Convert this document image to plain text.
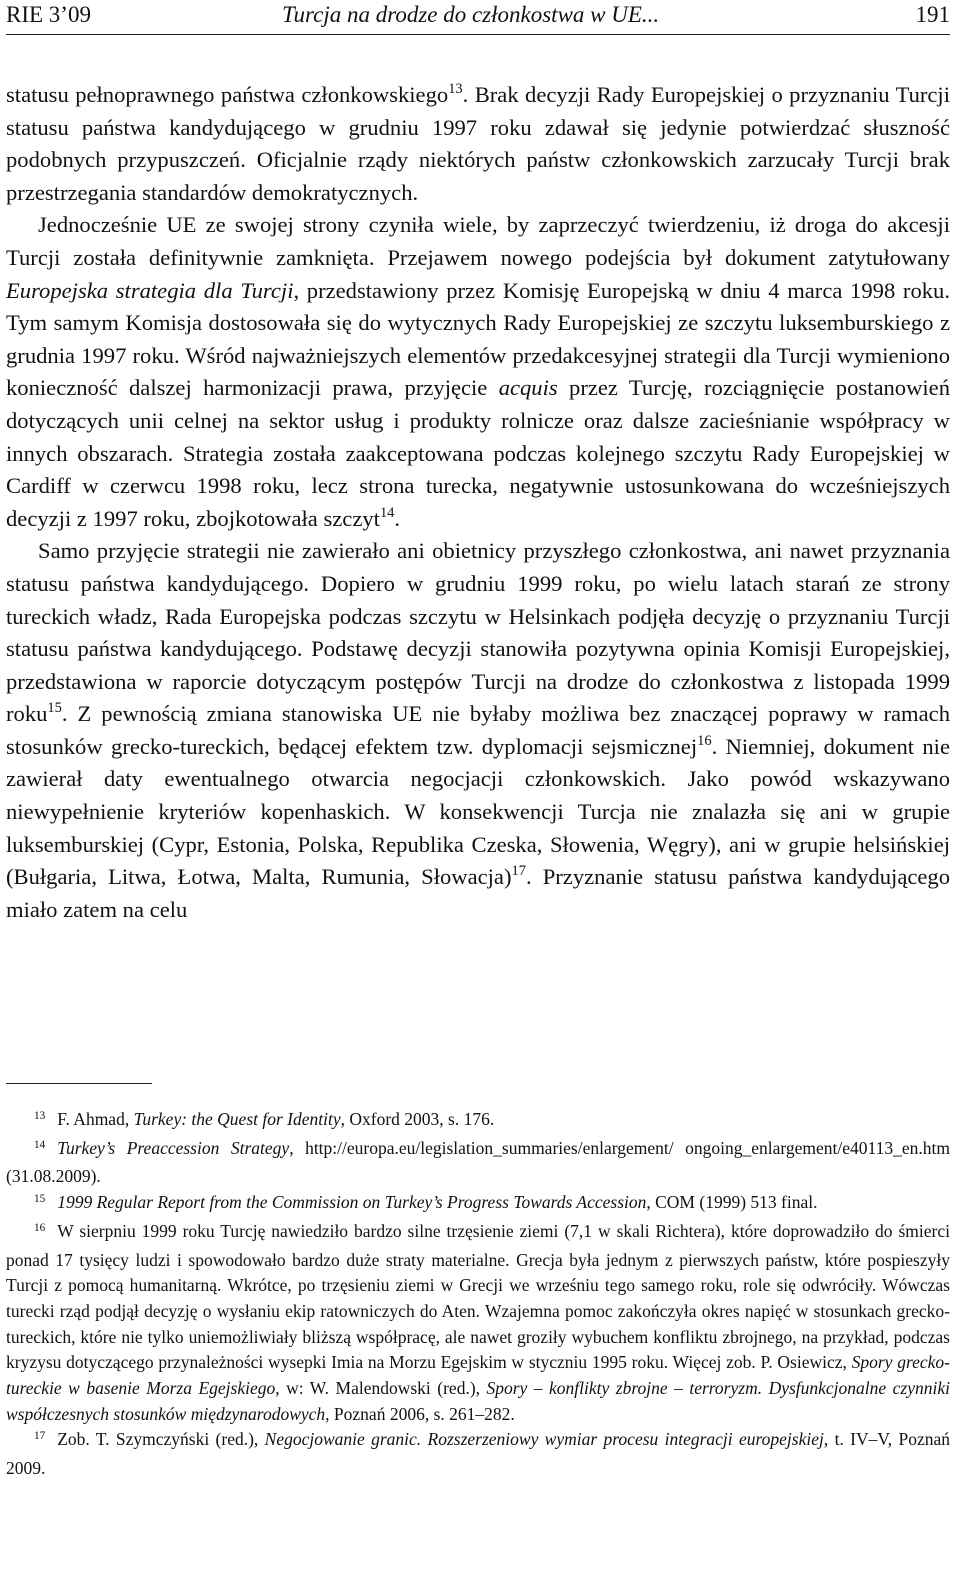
RIE 3’09	Turcja na drodze do członkostwa w UE...	191

statusu pełnoprawnego państwa członkowskiego$^{13}$. Brak decyzji Rady Europejskiej o przyznaniu Turcji statusu państwa kandydującego w grudniu 1997 roku zdawał się jedynie potwierdzać słuszność podobnych przypuszczeń. Oficjalnie rządy niektórych państw członkowskich zarzucały Turcji brak przestrzegania standardów demokratycznych.

Jednocześnie UE ze swojej strony czyniła wiele, by zaprzeczyć twierdzeniu, iż droga do akcesji Turcji została definitywnie zamknięta. Przejawem nowego podejścia był dokument zatytułowany Europejska strategia dla Turcji, przedstawiony przez Komisję Europejską w dniu 4 marca 1998 roku. Tym samym Komisja dostosowała się do wytycznych Rady Europejskiej ze szczytu luksemburskiego z grudnia 1997 roku. Wśród najważniejszych elementów przedakcesyjnej strategii dla Turcji wymieniono konieczność dalszej harmonizacji prawa, przyjęcie acquis przez Turcję, rozciągnięcie postanowień dotyczących unii celnej na sektor usług i produkty rolnicze oraz dalsze zacieśnianie współpracy w innych obszarach. Strategia została zaakceptowana podczas kolejnego szczytu Rady Europejskiej w Cardiff w czerwcu 1998 roku, lecz strona turecka, negatywnie ustosunkowana do wcześniejszych decyzji z 1997 roku, zbojkotowała szczyt$^{14}$.

Samo przyjęcie strategii nie zawierało ani obietnicy przyszłego członkostwa, ani nawet przyznania statusu państwa kandydującego. Dopiero w grudniu 1999 roku, po wielu latach starań ze strony tureckich władz, Rada Europejska podczas szczytu w Helsinkach podjęła decyzję o przyznaniu Turcji statusu państwa kandydującego. Podstawę decyzji stanowiła pozytywna opinia Komisji Europejskiej, przedstawiona w raporcie dotyczącym postępów Turcji na drodze do członkostwa z listopada 1999 roku$^{15}$. Z pewnością zmiana stanowiska UE nie byłaby możliwa bez znaczącej poprawy w ramach stosunków grecko-tureckich, będącej efektem tzw. dyplomacji sejsmicznej$^{16}$. Niemniej, dokument nie zawierał daty ewentualnego otwarcia negocjacji członkowskich. Jako powód wskazywano niewypełnienie kryteriów kopenhaskich. W konsekwencji Turcja nie znalazła się ani w grupie luksemburskiej (Cypr, Estonia, Polska, Republika Czeska, Słowenia, Węgry), ani w grupie helsińskiej (Bułgaria, Litwa, Łotwa, Malta, Rumunia, Słowacja)$^{17}$. Przyznanie statusu państwa kandydującego miało zatem na celu

$^{13}$ F. Ahmad, Turkey: the Quest for Identity, Oxford 2003, s. 176.

$^{14}$ Turkey’s Preaccession Strategy, http://europa.eu/legislation_summaries/enlargement/ ongoing_enlargement/e40113_en.htm (31.08.2009).

$^{15}$ 1999 Regular Report from the Commission on Turkey’s Progress Towards Accession, COM (1999) 513 final.

$^{16}$ W sierpniu 1999 roku Turcję nawiedziło bardzo silne trzęsienie ziemi (7,1 w skali Richtera), które doprowadziło do śmierci ponad 17 tysięcy ludzi i spowodowało bardzo duże straty materialne. Grecja była jednym z pierwszych państw, które pospieszyły Turcji z pomocą humanitarną. Wkrótce, po trzęsieniu ziemi w Grecji we wrześniu tego samego roku, role się odwróciły. Wówczas turecki rząd podjął decyzję o wysłaniu ekip ratowniczych do Aten. Wzajemna pomoc zakończyła okres napięć w stosunkach grecko-tureckich, które nie tylko uniemożliwiały bliższą współpracę, ale nawet groziły wybuchem konfliktu zbrojnego, na przykład, podczas kryzysu dotyczącego przynależności wysepki Imia na Morzu Egejskim w styczniu 1995 roku. Więcej zob. P. Osiewicz, Spory grecko-tureckie w basenie Morza Egejskiego, w: W. Malendowski (red.), Spory – konflikty zbrojne – terroryzm. Dysfunkcjonalne czynniki współczesnych stosunków międzynarodowych, Poznań 2006, s. 261–282.

$^{17}$ Zob. T. Szymczyński (red.), Negocjowanie granic. Rozszerzeniowy wymiar procesu integracji europejskiej, t. IV–V, Poznań 2009.
